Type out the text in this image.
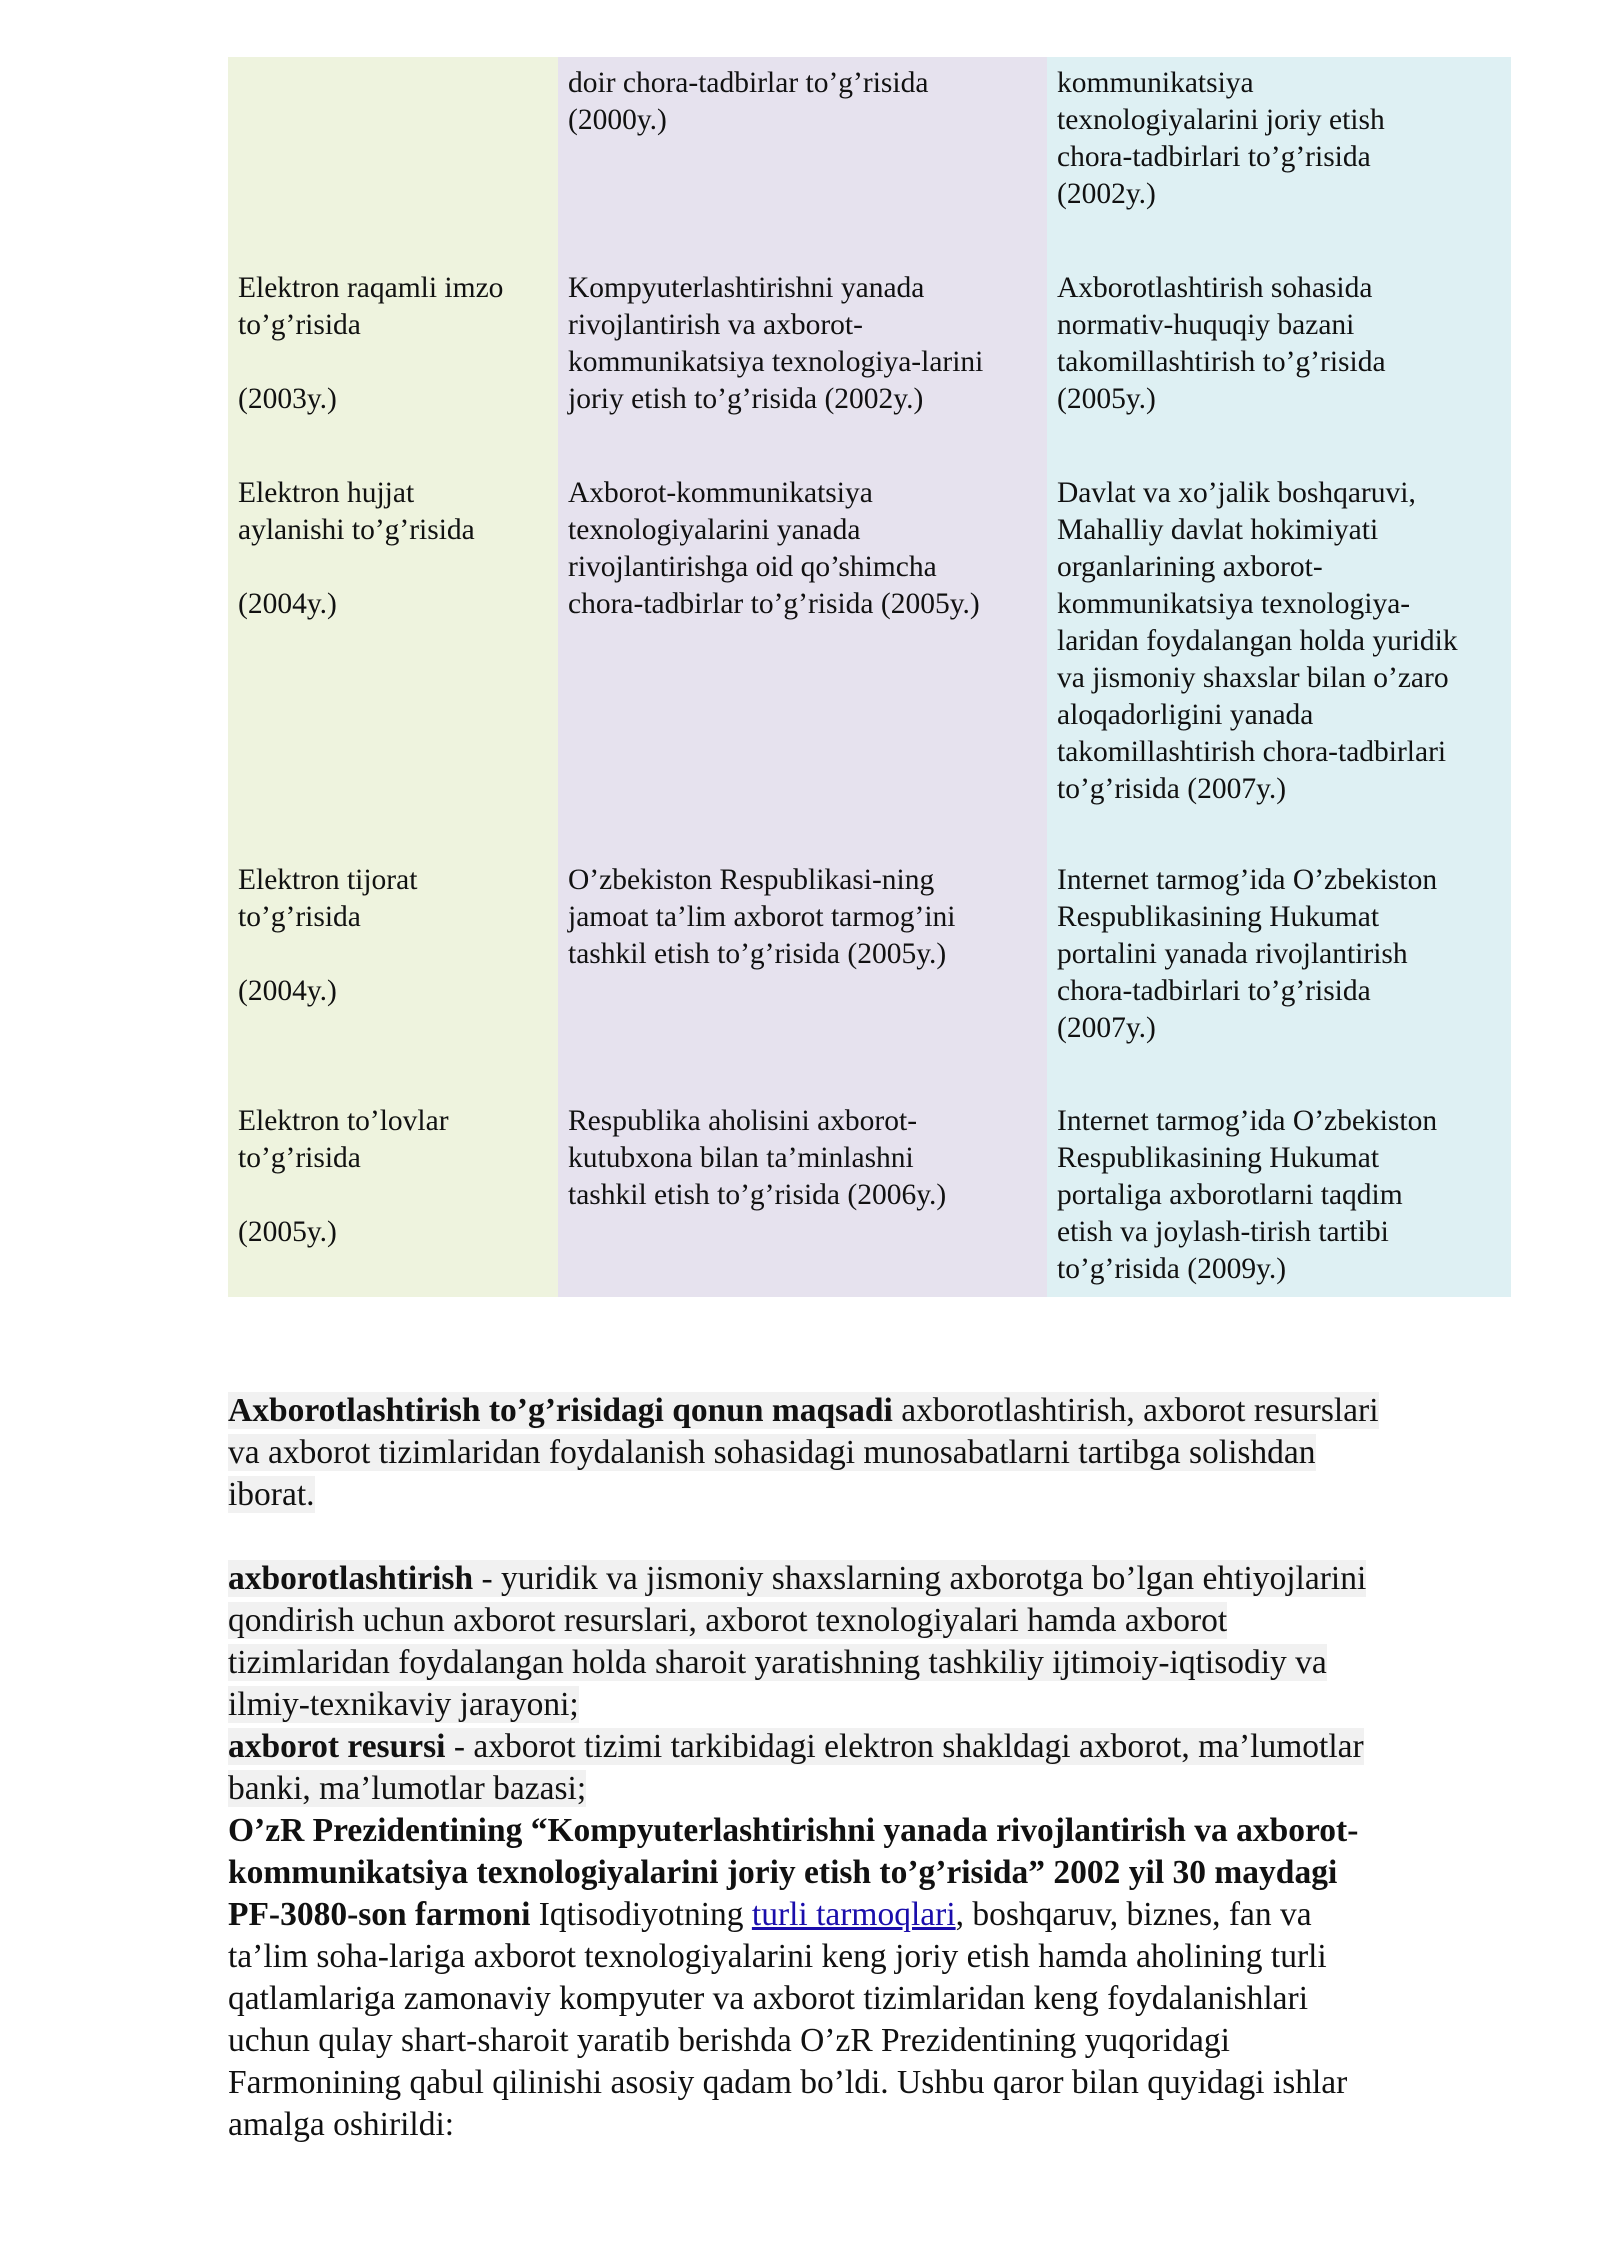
Elektron raqamli imzo
to’g’risida

(2003y.)
Elektron hujjat
aylanishi to’g’risida

(2004y.)
Elektron tijorat
to’g’risida

(2004y.)
Elektron to’lovlar
to’g’risida

(2005y.)
doir chora-tadbirlar to’g’risida
(2000y.)
Kompyuterlashtirishni yanada
rivojlantirish va axborot-
kommunikatsiya texnologiya-larini
joriy etish to’g’risida (2002y.)
Axborot-kommunikatsiya
texnologiyalarini yanada
rivojlantirishga oid qo’shimcha
chora-tadbirlar to’g’risida (2005y.)
O’zbekiston Respublikasi-ning
jamoat ta’lim axborot tarmog’ini
tashkil etish to’g’risida (2005y.)
Respublika aholisini axborot-
kutubxona bilan ta’minlashni
tashkil etish to’g’risida (2006y.)
kommunikatsiya
texnologiyalarini joriy etish
chora-tadbirlari to’g’risida
(2002y.)
Axborotlashtirish sohasida
normativ-huquqiy bazani
takomillashtirish to’g’risida
(2005y.)
Davlat va xo’jalik boshqaruvi,
Mahalliy davlat hokimiyati
organlarining axborot-
kommunikatsiya texnologiya-
laridan foydalangan holda yuridik
va jismoniy shaxslar bilan o’zaro
aloqadorligini yanada
takomillashtirish chora-tadbirlari
to’g’risida (2007y.)
Internet tarmog’ida O’zbekiston
Respublikasining Hukumat
portalini yanada rivojlantirish
chora-tadbirlari to’g’risida
(2007y.)
Internet tarmog’ida O’zbekiston
Respublikasining Hukumat
portaliga axborotlarni taqdim
etish va joylash-tirish tartibi
to’g’risida (2009y.)

Axborotlashtirish to’g’risidagi qonun maqsadi axborotlashtirish, axborot resurslari
va axborot tizimlaridan foydalanish sohasidagi munosabatlarni tartibga solishdan
iborat.

axborotlashtirish - yuridik va jismoniy shaxslarning axborotga bo’lgan ehtiyojlarini
qondirish uchun axborot resurslari, axborot texnologiyalari hamda axborot
tizimlaridan foydalangan holda sharoit yaratishning tashkiliy ijtimoiy-iqtisodiy va
ilmiy-texnikaviy jarayoni;

axborot resursi - axborot tizimi tarkibidagi elektron shakldagi axborot, ma’lumotlar
banki, ma’lumotlar bazasi;

O’zR Prezidentining “Kompyuterlashtirishni yanada rivojlantirish va axborot-
kommunikatsiya texnologiyalarini joriy etish to’g’risida” 2002 yil 30 maydagi
PF-3080-son farmoni Iqtisodiyotning turli tarmoqlari, boshqaruv, biznes, fan va
ta’lim soha-lariga axborot texnologiyalarini keng joriy etish hamda aholining turli
qatlamlariga zamonaviy kompyuter va axborot tizimlaridan keng foydalanishlari
uchun qulay shart-sharoit yaratib berishda O’zR Prezidentining yuqoridagi
Farmonining qabul qilinishi asosiy qadam bo’ldi. Ushbu qaror bilan quyidagi ishlar
amalga oshirildi:
